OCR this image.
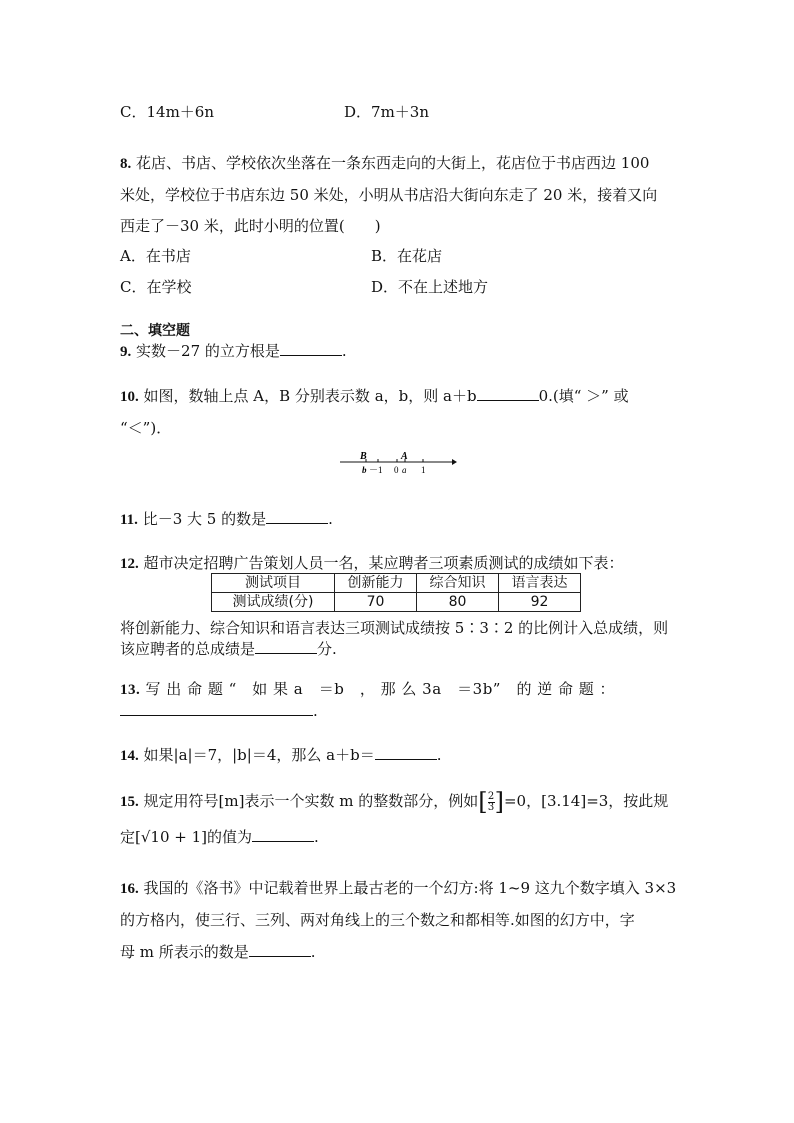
C．14m＋6n	D．7m＋3n
8. 花店、书店、学校依次坐落在一条东西走向的大街上，花店位于书店西边 100
米处，学校位于书店东边 50 米处，小明从书店沿大街向东走了 20 米，接着又向
西走了－30 米，此时小明的位置(　　)
A．在书店	B．在花店
C．在学校	D．不在上述地方
二、填空题
9. 实数－27 的立方根是	.
10. 如图，数轴上点 A，B 分别表示数 a，b，则 a＋b	0.(填“ ＞” 或
“＜”)．
B	A
b －1 0 a 1
11. 比－3 大 5 的数是	.
12. 超市决定招聘广告策划人员一名，某应聘者三项素质测试的成绩如下表：
测试项目	创新能力	综合知识	语言表达
测试成绩(分)	70	80	92
将创新能力、综合知识和语言表达三项测试成绩按 5∶3∶2 的比例计入总成绩，则
该应聘者的总成绩是	分.
13. 写 出 命 题 “　如 果 a　＝b　， 那 么 3a　＝3b”　的 逆 命 题 ：
.
14. 如果|a|＝7，|b|＝4，那么 a＋b＝	.
15. 规定用符号[m]表示一个实数 m 的整数部分，例如[ $\frac{2}{3} ]=0$，[3.14]=3，按此规
定[√10 + 1]的值为	.
16. 我国的《洛书》中记载着世界上最古老的一个幻方:将 1~9 这九个数字填入 3×3
的方格内，使三行、三列、两对角线上的三个数之和都相等.如图的幻方中，字
母 m 所表示的数是	.
